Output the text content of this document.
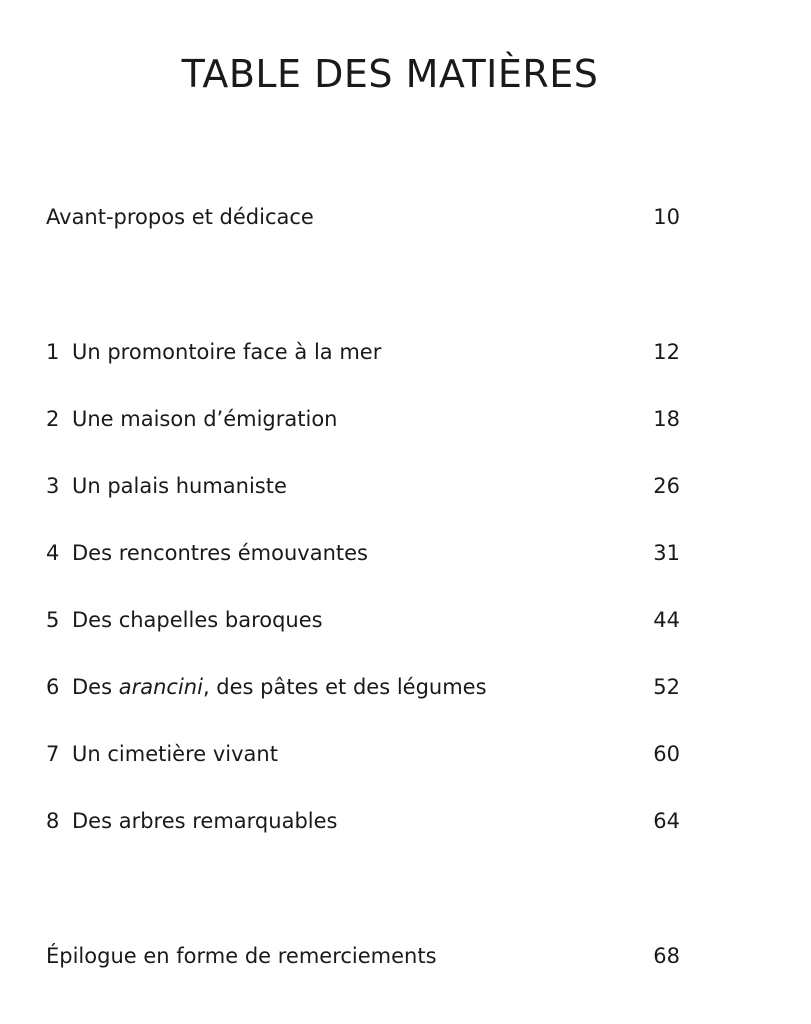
TABLE DES MATIÈRES
Avant-propos et dédicace	10
1 Un promontoire face à la mer	12
2 Une maison d’émigration	18
3 Un palais humaniste	26
4 Des rencontres émouvantes	31
5 Des chapelles baroques	44
6 Des arancini, des pâtes et des légumes	52
7 Un cimetière vivant	60
8 Des arbres remarquables	64
Épilogue en forme de remerciements	68
